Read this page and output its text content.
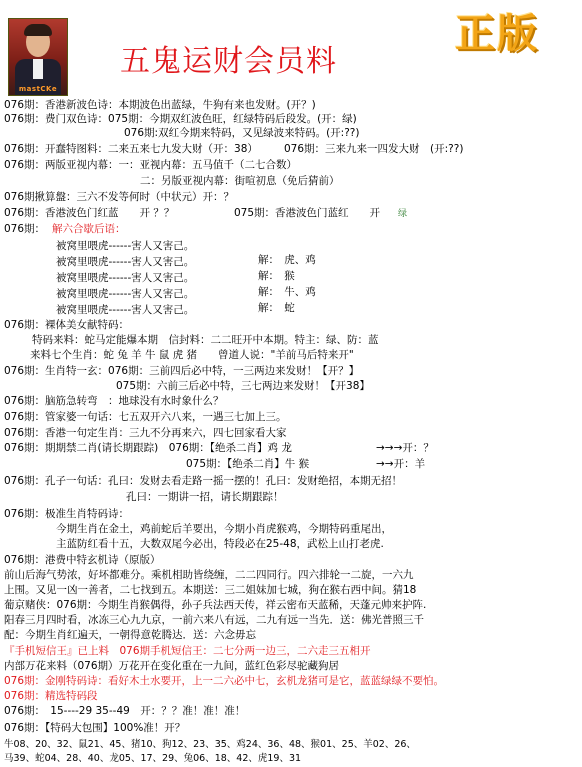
mastCKe
五鬼运财会员料
正版
076期：香港新波色诗：本期波色出蓝绿，牛狗有来也发财。(开？)
076期：费门双色诗：075期：今期双红波色旺，红绿特码后段发。(开：绿)
076期:双红今期来特码，又见绿波来特码。(开:??)
076期：开蠢特图料：二来五来七九发大财（开：38） 076期：三来九来一四发大财　(开:??)
076期：两版亚视内幕：一：亚视内幕：五马值千（二七合数）
二：另版亚视内幕：街喧初息（免后猜前）
076期揪算盤：三六不发等何时（中状元）开：？
076期：香港波色门红蓝　　开 ？？	075期：香港波色门蓝红　　开 绿
076期： 解六合歇后语：
被窝里喂虎------害人又害己。
解：　虎、鸡
被窝里喂虎------害人又害己。
解：　猴
被窝里喂虎------害人又害己。
解：　牛、鸡
被窝里喂虎------害人又害己。
解：　蛇
被窝里喂虎------害人又害己。
076期：裸体美女献特码：
特码来料：蛇马定能爆本期　信封料：二二旺开中本期。特主：绿、防：蓝
来料七个生肖：蛇 兔 羊 牛 鼠 虎 猪　　曾道人说："羊前马后特来开"
076期：生肖特一玄：076期：三前四后必中特，一三两边来发财！【开？】
075期：六前三后必中特，三七两边来发财！【开38】
076期：脑筋急转弯　：地球没有水时象什么？
076期：管家婆一句话：七五双开六八来，一遇三七加上三。
076期：香港一句定生肖：三九不分再来六，四七回家看大家
076期：期期禁二肖(请长期跟踪)　076期：【绝杀二肖】鸡 龙	→→→开：？
075期：【绝杀二肖】牛 猴	→→开：羊
076期：孔子一句话：孔曰：发财去看走路一摇一摆的！孔曰：发财绝招，本期无招！
孔曰：一期讲一招，请长期跟踪！
076期：极准生肖特码诗：
今期生肖在金土，鸡前蛇后羊要出，今期小肖虎猴鸡，今期特码重尾出，
主蓝防红看十五，大数双尾今必出，特段必在25-48，武松上山打老虎.
076期：港费中特玄机诗（原版）
前山后海气势浓，好坏都难分。乘机相助皆绕缠，二二四同行。四六排轮一二旋，一六九
上围。又见一凶一善者，二七找到五。本期送：三二姐妹加七城，狗在猴右西中间。猜18
葡京赌侠：076期：今期生肖猴偶得，孙子兵法西天传，祥云密布天蓝稀，天蓬元帅来护阵.
阳春三月四时看，冰冻三心九九京，一前六来八有远，二九有远一当先．送：佛光普照三千
配：今期生肖红遍天，一朝得意乾腾达．送：六念毋忘
『手机短信王』已上料　076期手机短信王：二七分两一边三，二六走三五相开
内部万花来料（076期）万花开在变化重在一九间，蓝红色彩尽驼藏狗居
076期：金刚特码诗：看好木土水要开，上一二六必中七，玄机龙猪可是它，蓝蓝绿绿不要怕。
076期：精选特码段
076期：　15----29 35--49　开：？？准！准！准！
076期：【特码大包围】100%准！开？
牛08、20、32、鼠21、45、猪10、狗12、23、35、鸡24、36、48、猴01、25、羊02、26、
马39、蛇04、28、40、龙05、17、29、兔06、18、42、虎19、31
